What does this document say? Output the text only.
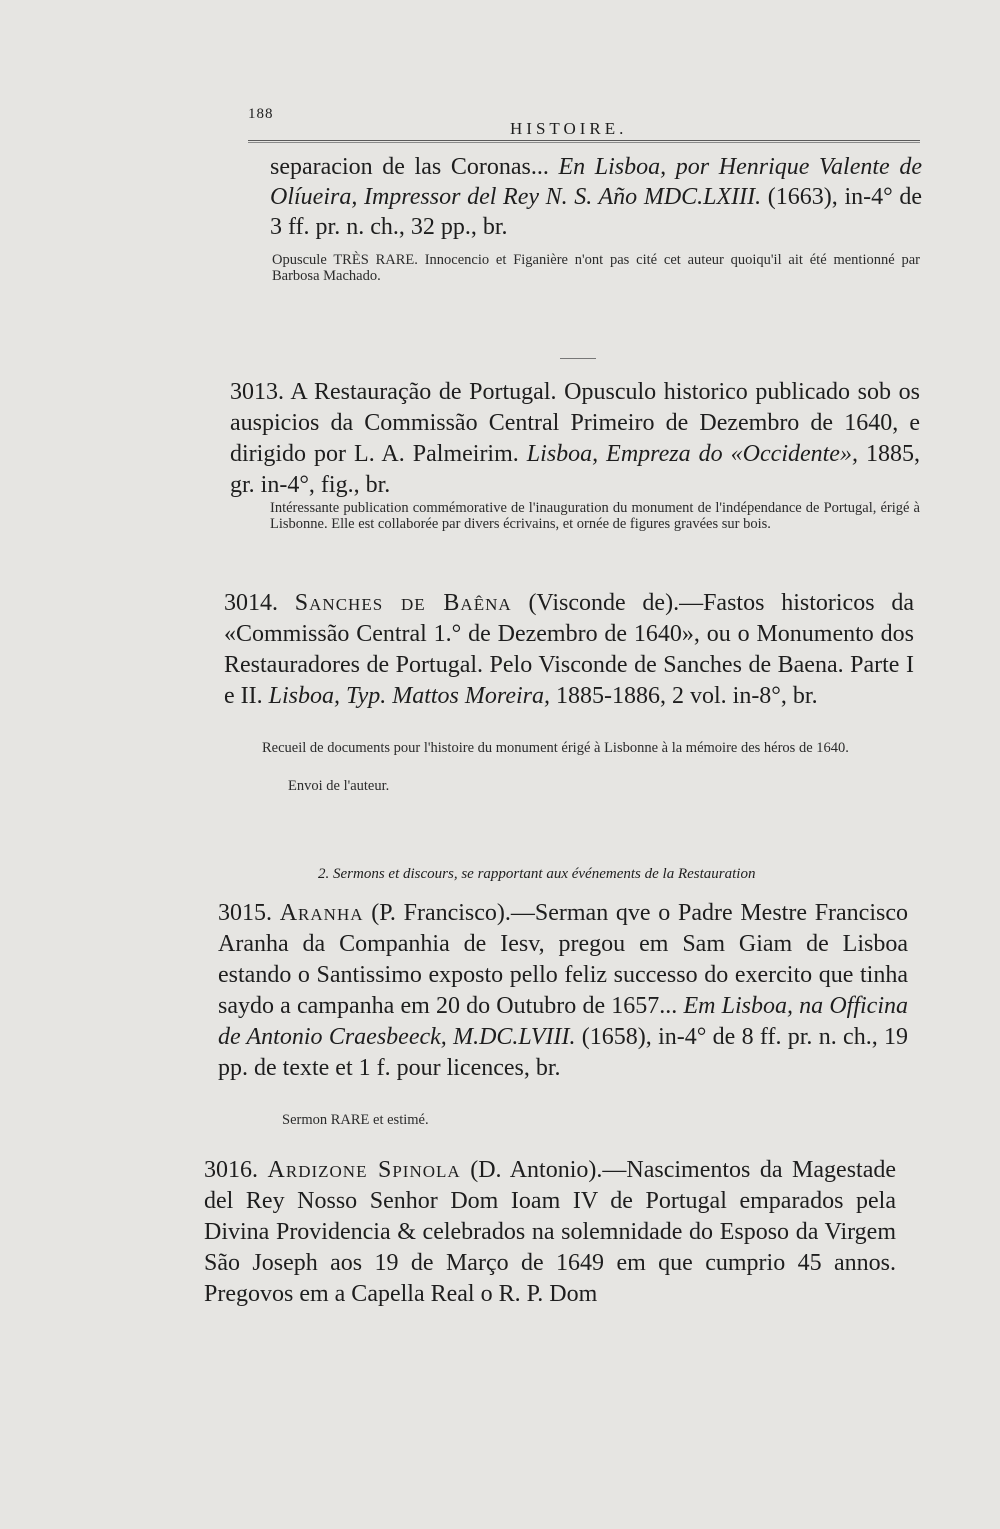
188
HISTOIRE.

separacion de las Coronas... En Lisboa, por Henrique Valente de Olíueira, Impressor del Rey N. S. Año MDC.LXIII. (1663), in-4° de 3 ff. pr. n. ch., 32 pp., br.

Opuscule TRÈS RARE. Innocencio et Figanière n'ont pas cité cet auteur quoiqu'il ait été mentionné par Barbosa Machado.

3013. A Restauração de Portugal. Opusculo historico publicado sob os auspicios da Commissão Central Primeiro de Dezembro de 1640, e dirigido por L. A. Palmeirim. Lisboa, Empreza do «Occidente», 1885, gr. in-4°, fig., br.

Intéressante publication commémorative de l'inauguration du monument de l'indépendance de Portugal, érigé à Lisbonne. Elle est collaborée par divers écrivains, et ornée de figures gravées sur bois.

3014. Sanches de Baêna (Visconde de).—Fastos historicos da «Commissão Central 1.° de Dezembro de 1640», ou o Monumento dos Restauradores de Portugal. Pelo Visconde de Sanches de Baena. Parte I e II. Lisboa, Typ. Mattos Moreira, 1885-1886, 2 vol. in-8°, br.

Recueil de documents pour l'histoire du monument érigé à Lisbonne à la mémoire des héros de 1640.

Envoi de l'auteur.

2. Sermons et discours, se rapportant aux événements de la Restauration

3015. Aranha (P. Francisco).—Serman qve o Padre Mestre Francisco Aranha da Companhia de Iesv, pregou em Sam Giam de Lisboa estando o Santissimo exposto pello feliz successo do exercito que tinha saydo a campanha em 20 do Outubro de 1657... Em Lisboa, na Officina de Antonio Craesbeeck, M.DC.LVIII. (1658), in-4° de 8 ff. pr. n. ch., 19 pp. de texte et 1 f. pour licences, br.

Sermon RARE et estimé.

3016. Ardizone Spinola (D. Antonio).—Nascimentos da Magestade del Rey Nosso Senhor Dom Ioam IV de Portugal emparados pela Divina Providencia & celebrados na solemnidade do Esposo da Virgem São Joseph aos 19 de Março de 1649 em que cumprio 45 annos. Pregovos em a Capella Real o R. P. Dom
